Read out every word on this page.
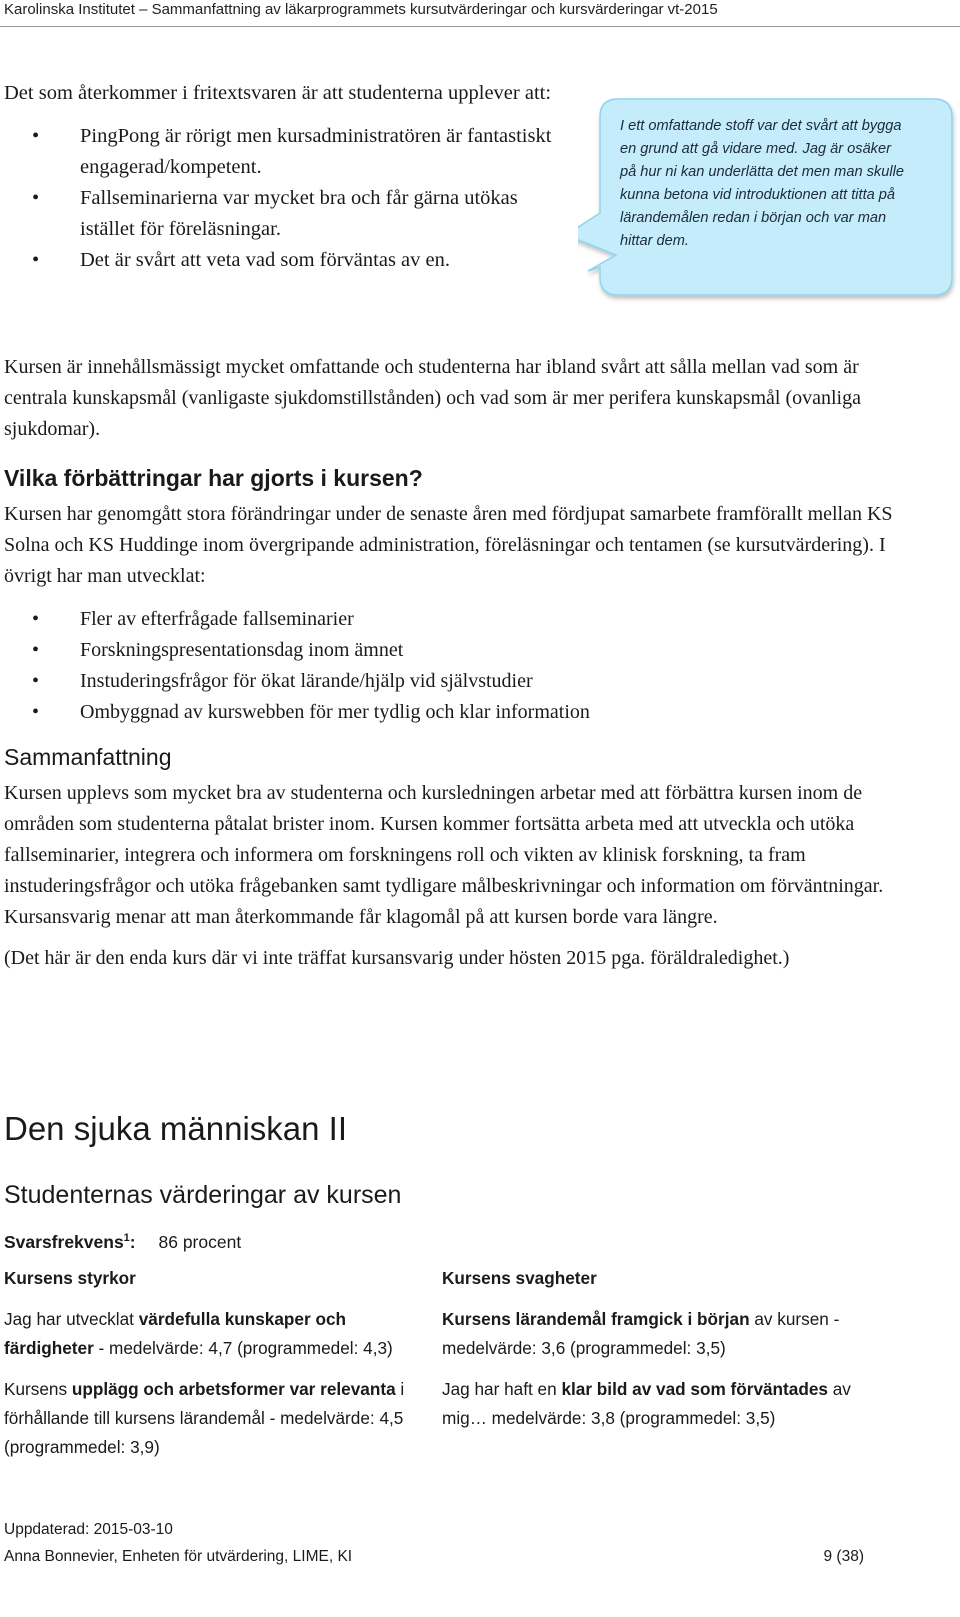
Karolinska Institutet – Sammanfattning av läkarprogrammets kursutvärderingar och kursvärderingar vt-2015

Det som återkommer i fritextsvaren är att studenterna upplever att:

• PingPong är rörigt men kursadministratören är fantastiskt engagerad/kompetent.
• Fallseminarierna var mycket bra och får gärna utökas istället för föreläsningar.
• Det är svårt att veta vad som förväntas av en.
I ett omfattande stoff var det svårt att bygga en grund att gå vidare med. Jag är osäker på hur ni kan underlätta det men man skulle kunna betona vid introduktionen att titta på lärandemålen redan i början och var man hittar dem.

Kursen är innehållsmässigt mycket omfattande och studenterna har ibland svårt att sålla mellan vad som är centrala kunskapsmål (vanligaste sjukdomstillstånden) och vad som är mer perifera kunskapsmål (ovanliga sjukdomar).

Vilka förbättringar har gjorts i kursen?

Kursen har genomgått stora förändringar under de senaste åren med fördjupat samarbete framförallt mellan KS Solna och KS Huddinge inom övergripande administration, föreläsningar och tentamen (se kursutvärdering). I övrigt har man utvecklat:

• Fler av efterfrågade fallseminarier
• Forskningspresentationsdag inom ämnet
• Instuderingsfrågor för ökat lärande/hjälp vid självstudier
• Ombyggnad av kurswebben för mer tydlig och klar information
Sammanfattning

Kursen upplevs som mycket bra av studenterna och kursledningen arbetar med att förbättra kursen inom de områden som studenterna påtalat brister inom. Kursen kommer fortsätta arbeta med att utveckla och utöka fallseminarier, integrera och informera om forskningens roll och vikten av klinisk forskning, ta fram instuderingsfrågor och utöka frågebanken samt tydligare målbeskrivningar och information om förväntningar. Kursansvarig menar att man återkommande får klagomål på att kursen borde vara längre.

(Det här är den enda kurs där vi inte träffat kursansvarig under hösten 2015 pga. föräldraledighet.)

Den sjuka människan II
Studenternas värderingar av kursen
Svarsfrekvens$^1$: 86 procent
Kursens styrkor

Jag har utvecklat värdefulla kunskaper och färdigheter - medelvärde: 4,7 (programmedel: 4,3)

Kursens upplägg och arbetsformer var relevanta i förhållande till kursens lärandemål - medelvärde: 4,5 (programmedel: 3,9)

Kursens svagheter

Kursens lärandemål framgick i början av kursen - medelvärde: 3,6 (programmedel: 3,5)

Jag har haft en klar bild av vad som förväntades av mig… medelvärde: 3,8 (programmedel: 3,5)

Uppdaterad: 2015-03-10
Anna Bonnevier, Enheten för utvärdering, LIME, KI	9 (38)
